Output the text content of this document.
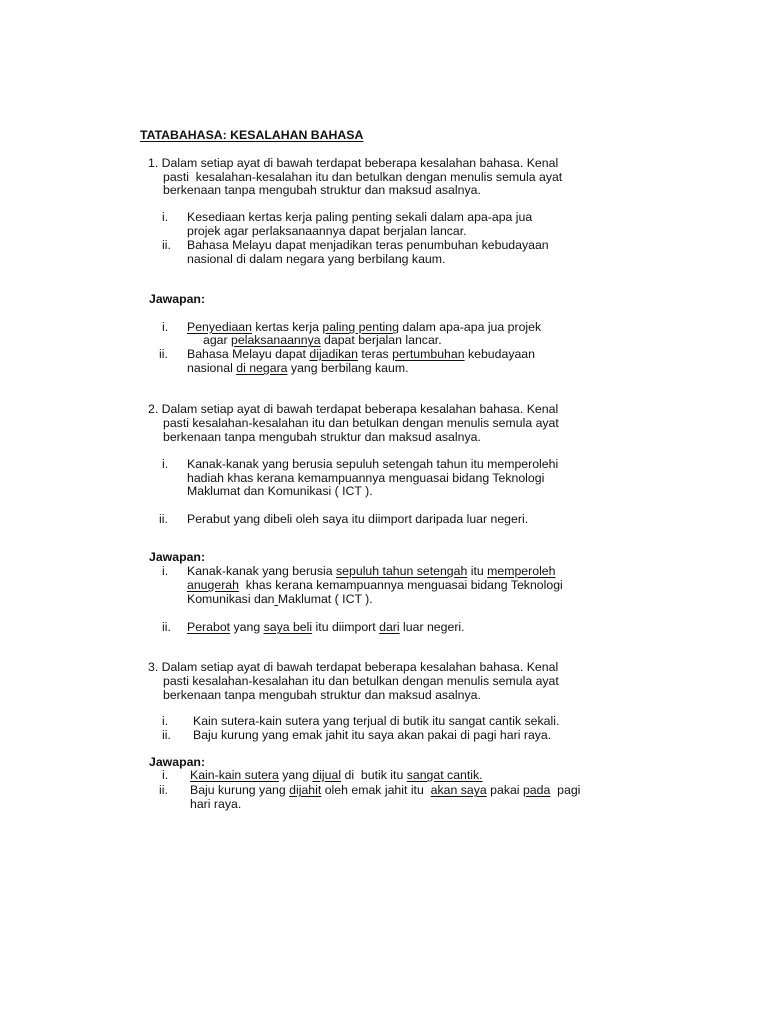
TATABAHASA: KESALAHAN BAHASA
1. Dalam setiap ayat di bawah terdapat beberapa kesalahan bahasa. Kenal
pasti  kesalahan-kesalahan itu dan betulkan dengan menulis semula ayat
berkenaan tanpa mengubah struktur dan maksud asalnya.
i. Kesediaan kertas kerja paling penting sekali dalam apa-apa jua
projek agar perlaksanaannya dapat berjalan lancar.
ii. Bahasa Melayu dapat menjadikan teras penumbuhan kebudayaan
nasional di dalam negara yang berbilang kaum.
Jawapan:
i. Penyediaan kertas kerja paling penting dalam apa-apa jua projek
agar pelaksanaannya dapat berjalan lancar.
ii. Bahasa Melayu dapat dijadikan teras pertumbuhan kebudayaan
nasional di negara yang berbilang kaum.
2. Dalam setiap ayat di bawah terdapat beberapa kesalahan bahasa. Kenal
pasti kesalahan-kesalahan itu dan betulkan dengan menulis semula ayat
berkenaan tanpa mengubah struktur dan maksud asalnya.
i. Kanak-kanak yang berusia sepuluh setengah tahun itu memperolehi
hadiah khas kerana kemampuannya menguasai bidang Teknologi
Maklumat dan Komunikasi ( ICT ).
ii. Perabut yang dibeli oleh saya itu diimport daripada luar negeri.
Jawapan:
i. Kanak-kanak yang berusia sepuluh tahun setengah itu memperoleh
anugerah  khas kerana kemampuannya menguasai bidang Teknologi
Komunikasi dan Maklumat ( ICT ).
ii. Perabot yang saya beli itu diimport dari luar negeri.
3. Dalam setiap ayat di bawah terdapat beberapa kesalahan bahasa. Kenal
pasti kesalahan-kesalahan itu dan betulkan dengan menulis semula ayat
berkenaan tanpa mengubah struktur dan maksud asalnya.
i. Kain sutera-kain sutera yang terjual di butik itu sangat cantik sekali.
ii. Baju kurung yang emak jahit itu saya akan pakai di pagi hari raya.
Jawapan:
i. Kain-kain sutera yang dijual di  butik itu sangat cantik.
ii. Baju kurung yang dijahit oleh emak jahit itu  akan saya pakai pada  pagi
hari raya.
